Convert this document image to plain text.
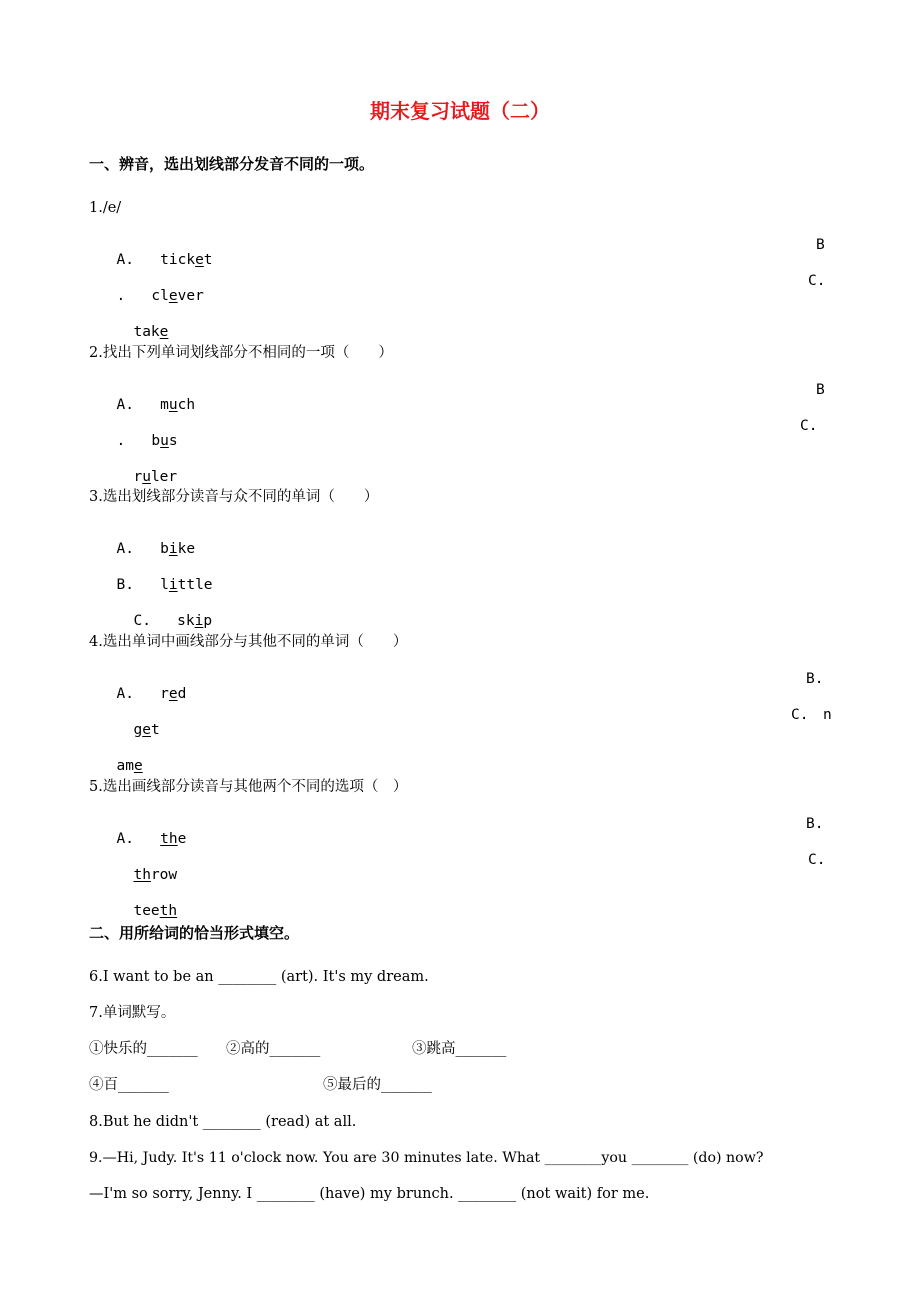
期末复习试题（二）
一、辨音，选出划线部分发音不同的一项。
1./e/

A. ticket

B

. clever

C.

take

2.找出下列单词划线部分不相同的一项（　　）

A. much

B

. bus

C.

ruler

3.选出划线部分读音与众不同的单词（　　）

A. bike

B. little

C. skip

4.选出单词中画线部分与其他不同的单词（　　）

A. red

B.

get

C.　n

ame

5.选出画线部分读音与其他两个不同的选项（　）

A. the

B.

throw

C.

teeth

二、用所给词的恰当形式填空。
6.I want to be an ________ (art). It's my dream.
7.单词默写。
①快乐的_______ ②高的_______	③跳高_______
④百_______	⑤最后的_______
8.But he didn't ________ (read) at all.
9.—Hi, Judy. It's 11 o'clock now. You are 30 minutes late. What ________you ________ (do) now?
—I'm so sorry, Jenny. I ________ (have) my brunch. ________ (not wait) for me.
